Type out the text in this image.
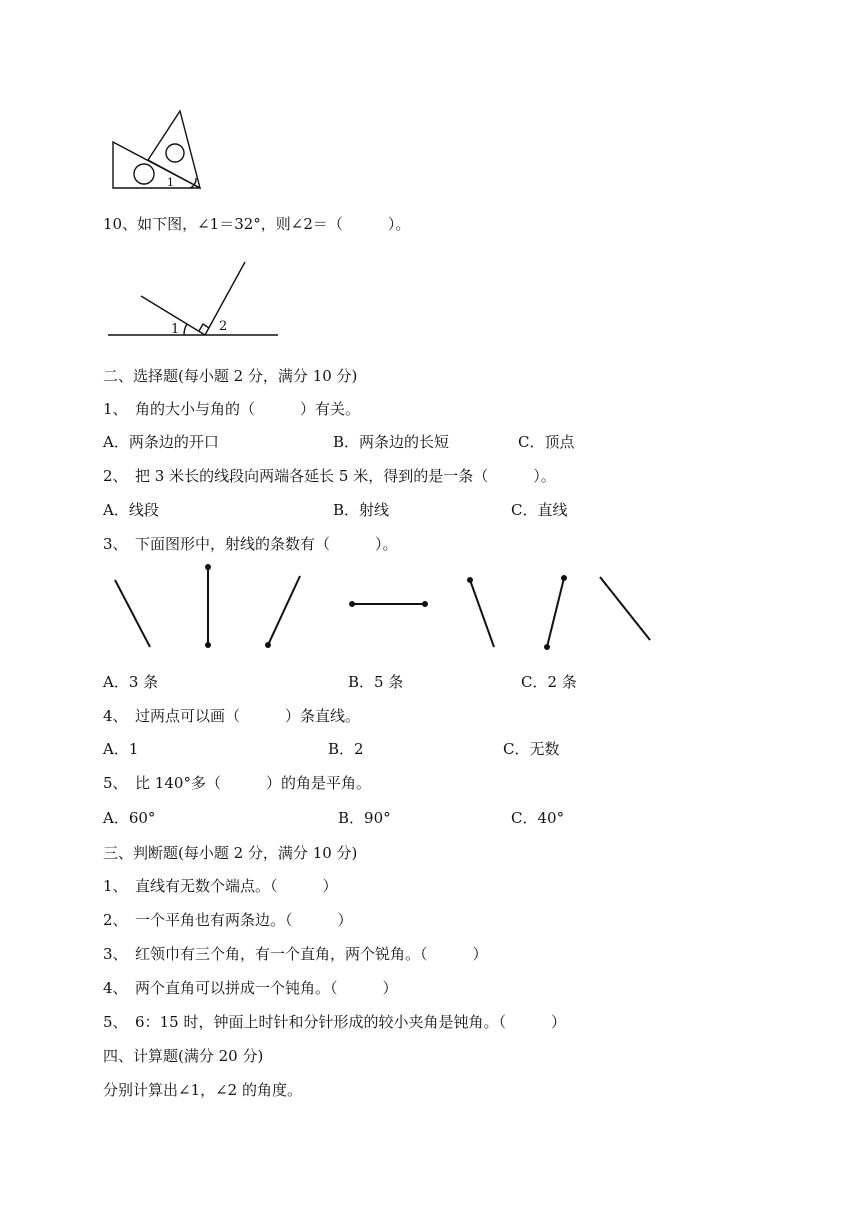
1
10、如下图，∠1＝32°，则∠2＝（　　　）。
1	2
二、选择题(每小题 2 分，满分 10 分)
1、　角的大小与角的（　　　）有关。
A．两条边的开口	B．两条边的长短	C．顶点
2、　把 3 米长的线段向两端各延长 5 米，得到的是一条（　　　）。
A．线段	B．射线	C．直线
3、　下面图形中，射线的条数有（　　　）。
A．3 条	B．5 条	C．2 条
4、　过两点可以画（　　　）条直线。
A．1	B．2	C．无数
5、　比 140°多（　　　）的角是平角。
A．60°	B．90°	C．40°
三、判断题(每小题 2 分，满分 10 分)
1、　直线有无数个端点。（　　　）
2、　一个平角也有两条边。（　　　）
3、　红领巾有三个角，有一个直角，两个锐角。（　　　）
4、　两个直角可以拼成一个钝角。（　　　）
5、　6：15 时，钟面上时针和分针形成的较小夹角是钝角。（　　　）
四、计算题(满分 20 分)
分别计算出∠1，∠2 的角度。
